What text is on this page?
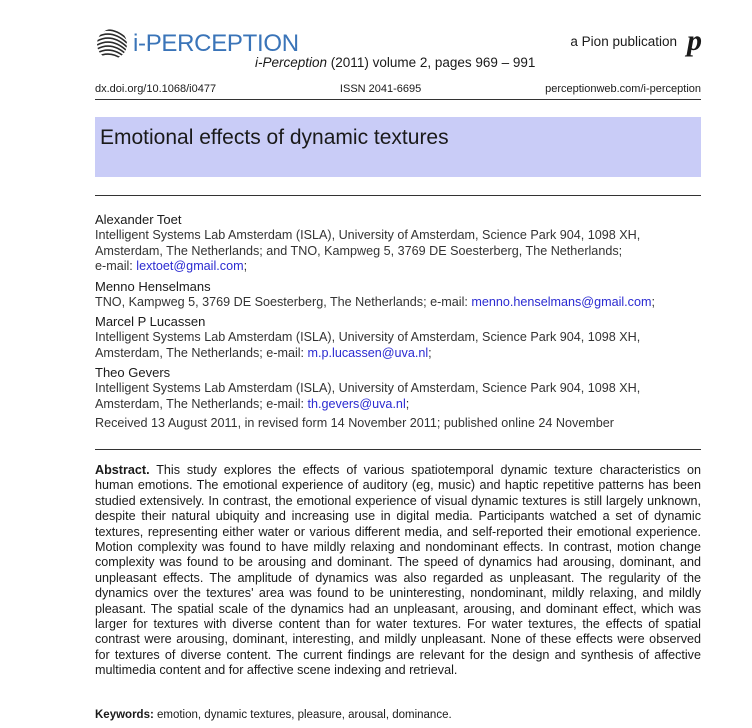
i-PERCEPTION
i-Perception (2011) volume 2, pages 969 – 991
a Pion publication p
dx.doi.org/10.1068/i0477	ISSN 2041-6695	perceptionweb.com/i-perception
Emotional effects of dynamic textures
Alexander Toet
Intelligent Systems Lab Amsterdam (ISLA), University of Amsterdam, Science Park 904, 1098 XH,
Amsterdam, The Netherlands; and TNO, Kampweg 5, 3769 DE Soesterberg, The Netherlands;
e-mail: lextoet@gmail.com;
Menno Henselmans
TNO, Kampweg 5, 3769 DE Soesterberg, The Netherlands; e-mail: menno.henselmans@gmail.com;
Marcel P Lucassen
Intelligent Systems Lab Amsterdam (ISLA), University of Amsterdam, Science Park 904, 1098 XH,
Amsterdam, The Netherlands; e-mail: m.p.lucassen@uva.nl;
Theo Gevers
Intelligent Systems Lab Amsterdam (ISLA), University of Amsterdam, Science Park 904, 1098 XH,
Amsterdam, The Netherlands; e-mail: th.gevers@uva.nl;
Received 13 August 2011, in revised form 14 November 2011; published online 24 November
Abstract. This study explores the effects of various spatiotemporal dynamic texture characteristics on human emotions. The emotional experience of auditory (eg, music) and haptic repetitive patterns has been studied extensively. In contrast, the emotional experience of visual dynamic textures is still largely unknown, despite their natural ubiquity and increasing use in digital media. Participants watched a set of dynamic textures, representing either water or various different media, and self-reported their emotional experience. Motion complexity was found to have mildly relaxing and nondominant effects. In contrast, motion change complexity was found to be arousing and dominant. The speed of dynamics had arousing, dominant, and unpleasant effects. The amplitude of dynamics was also regarded as unpleasant. The regularity of the dynamics over the textures' area was found to be uninteresting, nondominant, mildly relaxing, and mildly pleasant. The spatial scale of the dynamics had an unpleasant, arousing, and dominant effect, which was larger for textures with diverse content than for water textures. For water textures, the effects of spatial contrast were arousing, dominant, interesting, and mildly unpleasant. None of these effects were observed for textures of diverse content. The current findings are relevant for the design and synthesis of affective multimedia content and for affective scene indexing and retrieval.
Keywords: emotion, dynamic textures, pleasure, arousal, dominance.
